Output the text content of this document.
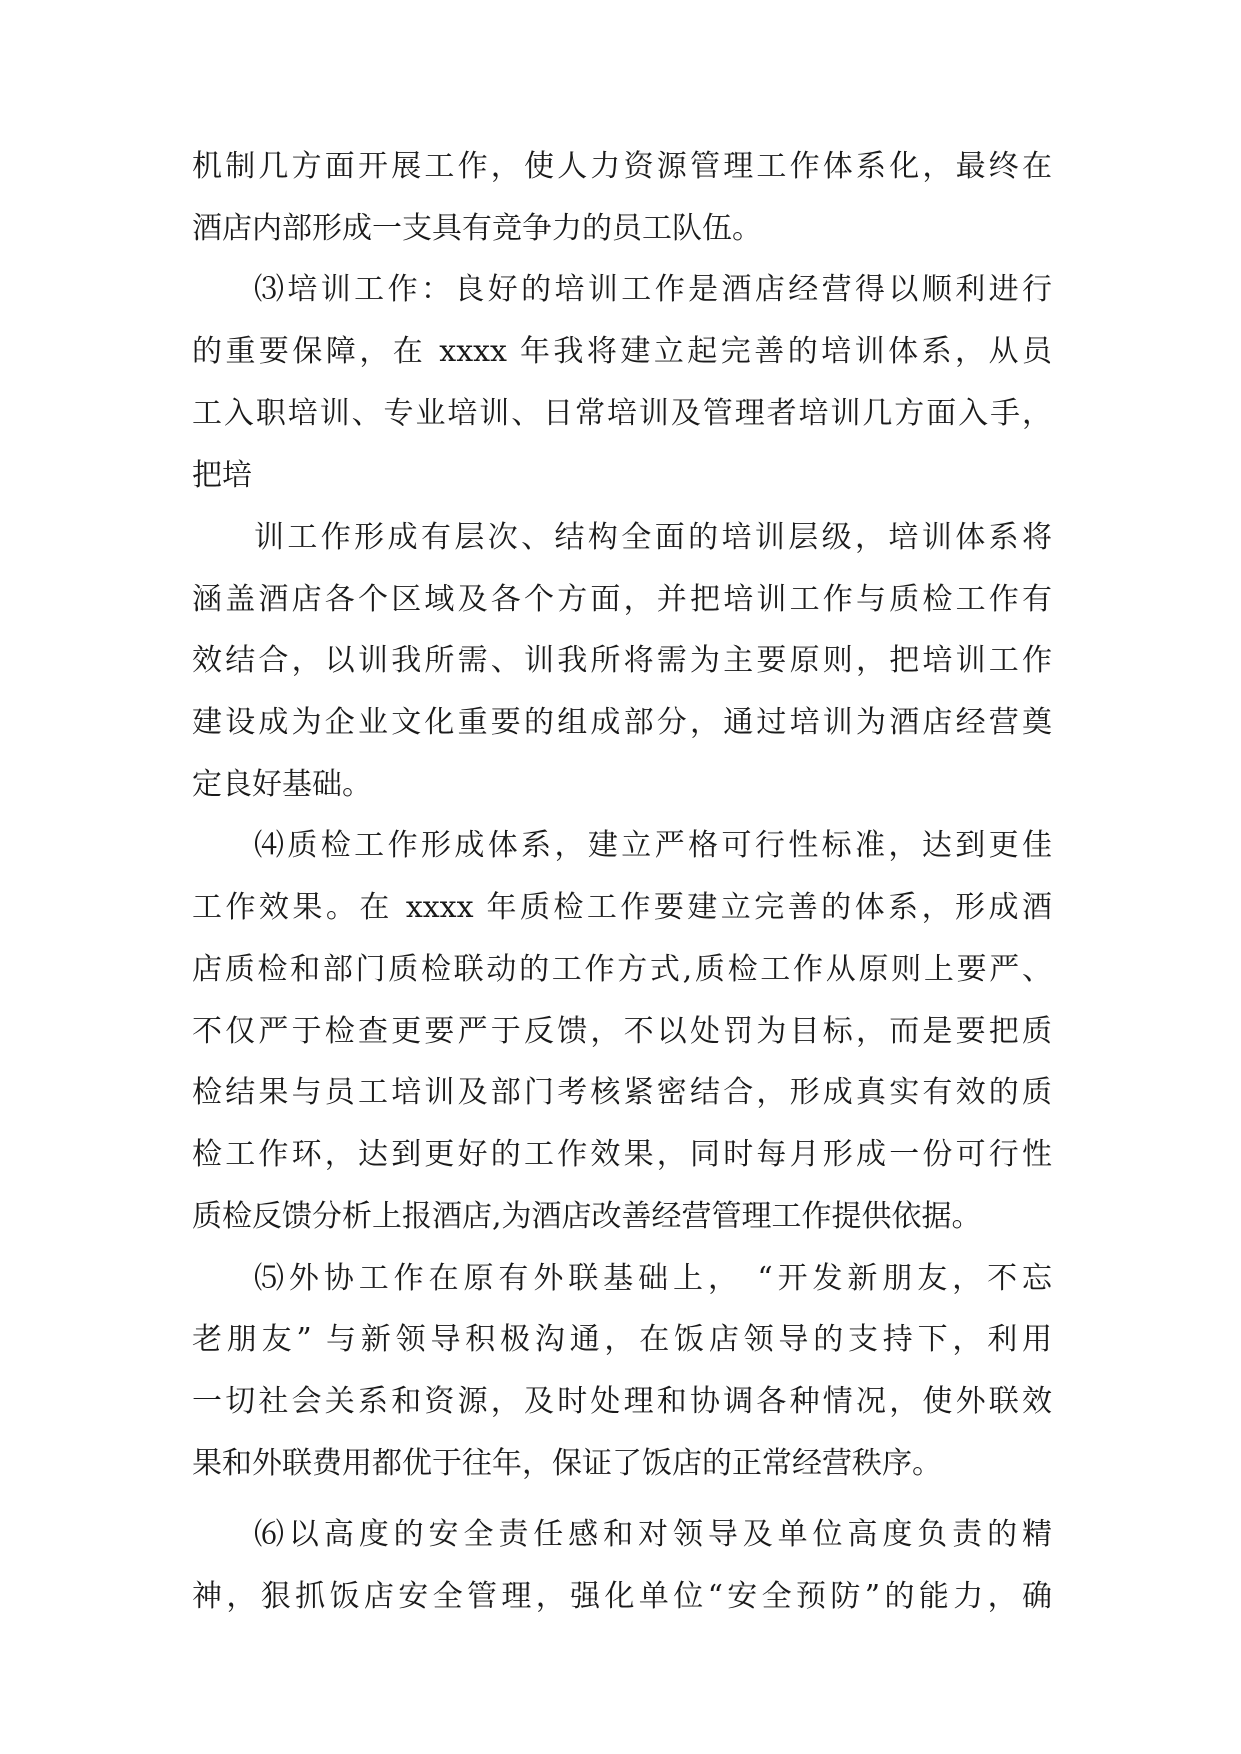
机制几方面开展工作，使人力资源管理工作体系化，最终在
酒店内部形成一支具有竞争力的员工队伍。
⑶培训工作：良好的培训工作是酒店经营得以顺利进行
的重要保障，在 xxxx 年我将建立起完善的培训体系，从员
工入职培训、专业培训、日常培训及管理者培训几方面入手，
把培
训工作形成有层次、结构全面的培训层级，培训体系将
涵盖酒店各个区域及各个方面，并把培训工作与质检工作有
效结合，以训我所需、训我所将需为主要原则，把培训工作
建设成为企业文化重要的组成部分，通过培训为酒店经营奠
定良好基础。
⑷质检工作形成体系，建立严格可行性标准，达到更佳
工作效果。在 xxxx 年质检工作要建立完善的体系，形成酒
店质检和部门质检联动的工作方式,质检工作从原则上要严、
不仅严于检查更要严于反馈，不以处罚为目标，而是要把质
检结果与员工培训及部门考核紧密结合，形成真实有效的质
检工作环，达到更好的工作效果，同时每月形成一份可行性
质检反馈分析上报酒店,为酒店改善经营管理工作提供依据。
⑸外协工作在原有外联基础上， “开发新朋友，不忘
老朋友” 与新领导积极沟通，在饭店领导的支持下，利用
一切社会关系和资源，及时处理和协调各种情况，使外联效
果和外联费用都优于往年，保证了饭店的正常经营秩序。
⑹以高度的安全责任感和对领导及单位高度负责的精
神，狠抓饭店安全管理，强化单位“安全预防”的能力，确
